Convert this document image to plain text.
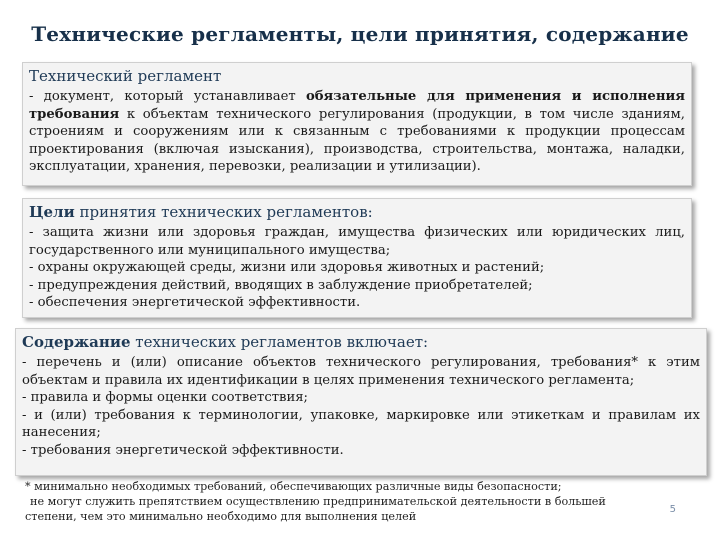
Технические регламенты, цели принятия, содержание
Технический регламент

- документ, который устанавливает обязательные для применения и исполнения требования к объектам технического регулирования (продукции, в том числе зданиям, строениям и сооружениям или к связанным с требованиями к продукции процессам проектирования (включая изыскания), производства, строительства, монтажа, наладки, эксплуатации, хранения, перевозки, реализации и утилизации).

Цели принятия технических регламентов:
- защита жизни или здоровья граждан, имущества физических или юридических лиц, государственного или муниципального имущества;
- охраны окружающей среды, жизни или здоровья животных и растений;
- предупреждения действий, вводящих в заблуждение приобретателей;
- обеспечения энергетической эффективности.
Содержание технических регламентов включает:
- перечень и (или) описание объектов технического регулирования, требования* к этим объектам и правила их идентификации в целях применения технического регламента;
- правила и формы оценки соответствия;
- и (или) требования к терминологии, упаковке, маркировке или этикеткам и правилам их нанесения;
- требования энергетической эффективности.
* минимально необходимых требований, обеспечивающих различные виды безопасности;
не могут служить препятствием осуществлению предпринимательской деятельности в большей
степени, чем это минимально необходимо для выполнения целей
5
